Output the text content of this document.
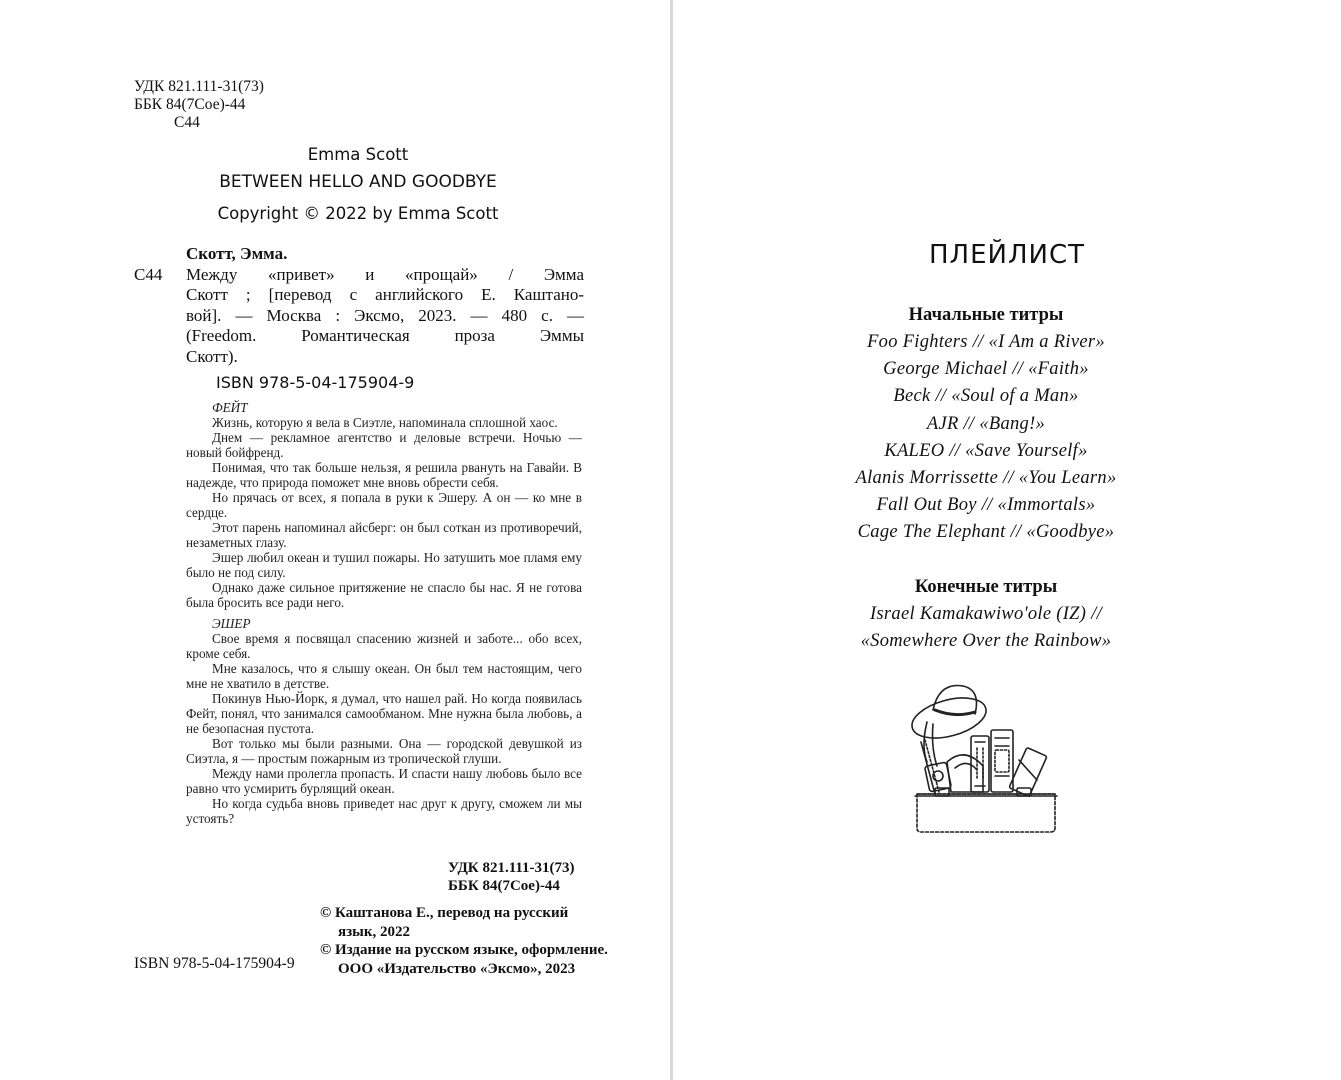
УДК 821.111-31(73)
ББК 84(7Сое)-44
С44
Emma Scott
BETWEEN HELLO AND GOODBYE
Copyright © 2022 by Emma Scott
Скотт, Эмма.
С44	Между «привет» и «прощай» / Эмма
Скотт ; [перевод с английского Е. Каштано-
вой]. — Москва : Эксмо, 2023. — 480 с. —
(Freedom. Романтическая проза Эммы
Скотт).
ISBN 978-5-04-175904-9
ФЕЙТ

Жизнь, которую я вела в Сиэтле, напоминала сплошной хаос.

Днем — рекламное агентство и деловые встречи. Ночью — новый бойфренд.

Понимая, что так больше нельзя, я решила рвануть на Гавайи. В надежде, что природа поможет мне вновь обрести себя.

Но прячась от всех, я попала в руки к Эшеру. А он — ко мне в сердце.

Этот парень напоминал айсберг: он был соткан из противоречий, незаметных глазу.

Эшер любил океан и тушил пожары. Но затушить мое пламя ему было не под силу.

Однако даже сильное притяжение не спасло бы нас. Я не готова была бросить все ради него.

ЭШЕР

Свое время я посвящал спасению жизней и заботе... обо всех, кроме себя.

Мне казалось, что я слышу океан. Он был тем настоящим, чего мне не хватило в детстве.

Покинув Нью-Йорк, я думал, что нашел рай. Но когда появилась Фейт, понял, что занимался самообманом. Мне нужна была любовь, а не безопасная пустота.

Вот только мы были разными. Она — городской девушкой из Сиэтла, я — простым пожарным из тропической глуши.

Между нами пролегла пропасть. И спасти нашу любовь было все равно что усмирить бурлящий океан.

Но когда судьба вновь приведет нас друг к другу, сможем ли мы устоять?

УДК 821.111-31(73)
ББК 84(7Сое)-44
© Каштанова Е., перевод на русский
язык, 2022
© Издание на русском языке, оформление.
ООО «Издательство «Эксмо», 2023
ISBN 978-5-04-175904-9
ПЛЕЙЛИСТ
Начальные титры
Foo Fighters // «I Am a River»
George Michael // «Faith»
Beck // «Soul of a Man»
AJR // «Bang!»
KALEO // «Save Yourself»
Alanis Morrissette // «You Learn»
Fall Out Boy // «Immortals»
Cage The Elephant // «Goodbye»
Конечные титры
Israel Kamakawiwo'ole (IZ) //
«Somewhere Over the Rainbow»
